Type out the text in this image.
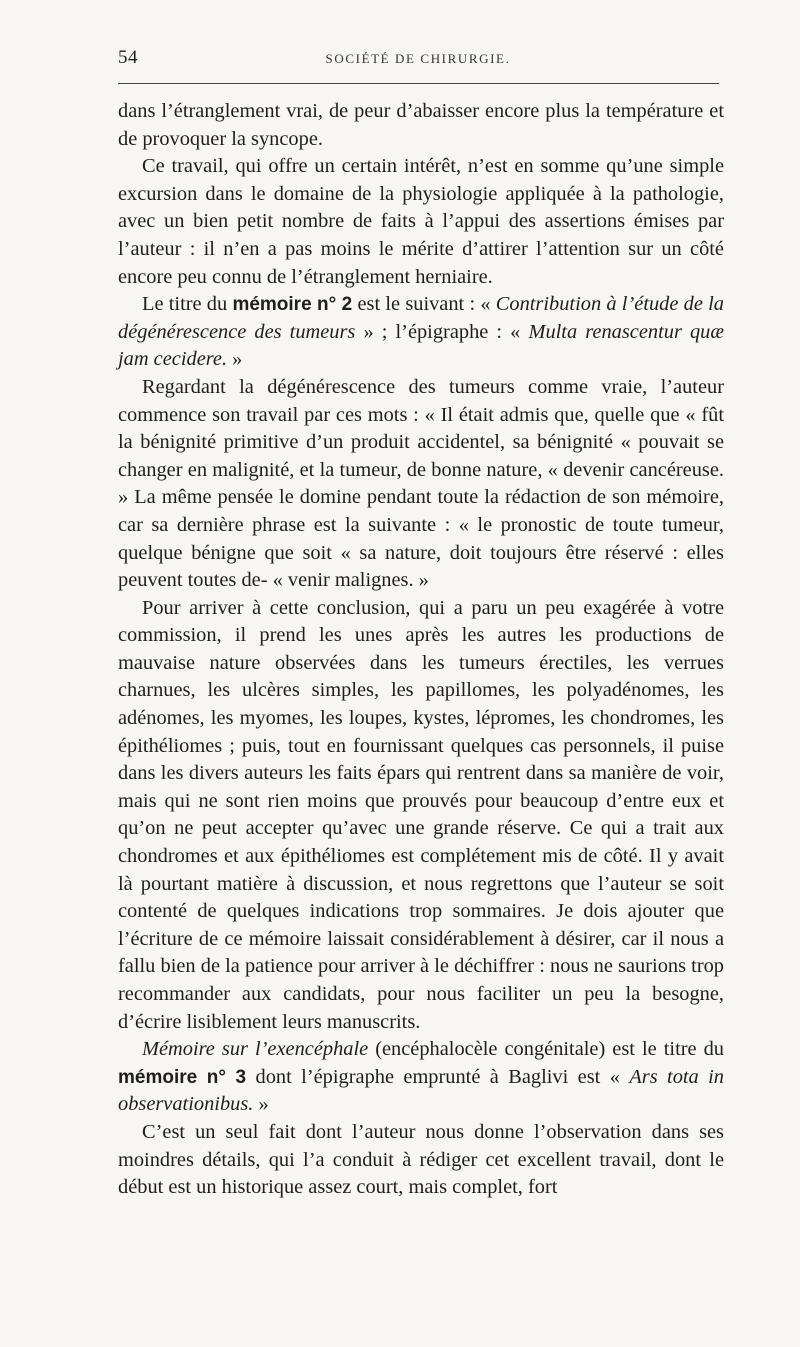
54	SOCIÉTÉ DE CHIRURGIE.

dans l’étranglement vrai, de peur d’abaisser encore plus la température et de provoquer la syncope.

Ce travail, qui offre un certain intérêt, n’est en somme qu’une simple excursion dans le domaine de la physiologie appliquée à la pathologie, avec un bien petit nombre de faits à l’appui des assertions émises par l’auteur : il n’en a pas moins le mérite d’attirer l’attention sur un côté encore peu connu de l’étranglement herniaire.

Le titre du mémoire n° 2 est le suivant : « Contribution à l’étude de la dégénérescence des tumeurs » ; l’épigraphe : « Multa renascentur quæ jam cecidere. »

Regardant la dégénérescence des tumeurs comme vraie, l’auteur commence son travail par ces mots : « Il était admis que, quelle que « fût la bénignité primitive d’un produit accidentel, sa bénignité « pouvait se changer en malignité, et la tumeur, de bonne nature, « devenir cancéreuse. » La même pensée le domine pendant toute la rédaction de son mémoire, car sa dernière phrase est la suivante : « le pronostic de toute tumeur, quelque bénigne que soit « sa nature, doit toujours être réservé : elles peuvent toutes de- « venir malignes. »

Pour arriver à cette conclusion, qui a paru un peu exagérée à votre commission, il prend les unes après les autres les productions de mauvaise nature observées dans les tumeurs érectiles, les verrues charnues, les ulcères simples, les papillomes, les polyadénomes, les adénomes, les myomes, les loupes, kystes, lépromes, les chondromes, les épithéliomes ; puis, tout en fournissant quelques cas personnels, il puise dans les divers auteurs les faits épars qui rentrent dans sa manière de voir, mais qui ne sont rien moins que prouvés pour beaucoup d’entre eux et qu’on ne peut accepter qu’avec une grande réserve. Ce qui a trait aux chondromes et aux épithéliomes est complétement mis de côté. Il y avait là pourtant matière à discussion, et nous regrettons que l’auteur se soit contenté de quelques indications trop sommaires. Je dois ajouter que l’écriture de ce mémoire laissait considérablement à désirer, car il nous a fallu bien de la patience pour arriver à le déchiffrer : nous ne saurions trop recommander aux candidats, pour nous faciliter un peu la besogne, d’écrire lisiblement leurs manuscrits.

Mémoire sur l’exencéphale (encéphalocèle congénitale) est le titre du mémoire n° 3 dont l’épigraphe emprunté à Baglivi est « Ars tota in observationibus. »

C’est un seul fait dont l’auteur nous donne l’observation dans ses moindres détails, qui l’a conduit à rédiger cet excellent travail, dont le début est un historique assez court, mais complet, fort
